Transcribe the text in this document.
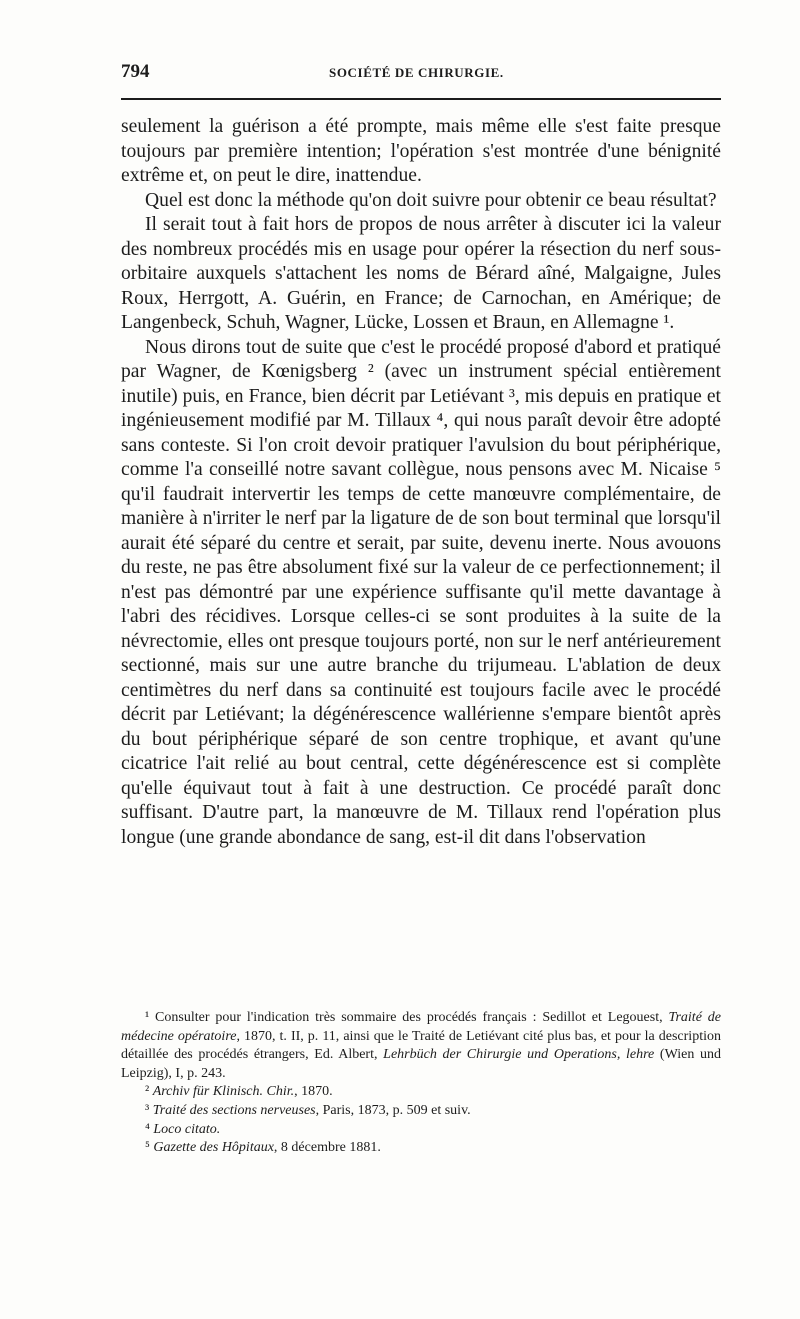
794	SOCIÉTÉ DE CHIRURGIE.

seulement la guérison a été prompte, mais même elle s'est faite presque toujours par première intention; l'opération s'est montrée d'une bénignité extrême et, on peut le dire, inattendue.

Quel est donc la méthode qu'on doit suivre pour obtenir ce beau résultat?

Il serait tout à fait hors de propos de nous arrêter à discuter ici la valeur des nombreux procédés mis en usage pour opérer la résection du nerf sous-orbitaire auxquels s'attachent les noms de Bérard aîné, Malgaigne, Jules Roux, Herrgott, A. Guérin, en France; de Carnochan, en Amérique; de Langenbeck, Schuh, Wagner, Lücke, Lossen et Braun, en Allemagne ¹.

Nous dirons tout de suite que c'est le procédé proposé d'abord et pratiqué par Wagner, de Kœnigsberg ² (avec un instrument spécial entièrement inutile) puis, en France, bien décrit par Letiévant ³, mis depuis en pratique et ingénieusement modifié par M. Tillaux ⁴, qui nous paraît devoir être adopté sans conteste. Si l'on croit devoir pratiquer l'avulsion du bout périphérique, comme l'a conseillé notre savant collègue, nous pensons avec M. Nicaise ⁵ qu'il faudrait intervertir les temps de cette manœuvre complémentaire, de manière à n'irriter le nerf par la ligature de de son bout terminal que lorsqu'il aurait été séparé du centre et serait, par suite, devenu inerte. Nous avouons du reste, ne pas être absolument fixé sur la valeur de ce perfectionnement; il n'est pas démontré par une expérience suffisante qu'il mette davantage à l'abri des récidives. Lorsque celles-ci se sont produites à la suite de la névrectomie, elles ont presque toujours porté, non sur le nerf antérieurement sectionné, mais sur une autre branche du trijumeau. L'ablation de deux centimètres du nerf dans sa continuité est toujours facile avec le procédé décrit par Letiévant; la dégénérescence wallérienne s'empare bientôt après du bout périphérique séparé de son centre trophique, et avant qu'une cicatrice l'ait relié au bout central, cette dégénérescence est si complète qu'elle équivaut tout à fait à une destruction. Ce procédé paraît donc suffisant. D'autre part, la manœuvre de M. Tillaux rend l'opération plus longue (une grande abondance de sang, est-il dit dans l'observation

¹ Consulter pour l'indication très sommaire des procédés français : Sedillot et Legouest, Traité de médecine opératoire, 1870, t. II, p. 11, ainsi que le Traité de Letiévant cité plus bas, et pour la description détaillée des procédés étrangers, Ed. Albert, Lehrbüch der Chirurgie und Operations, lehre (Wien und Leipzig), I, p. 243.

² Archiv für Klinisch. Chir., 1870.

³ Traité des sections nerveuses, Paris, 1873, p. 509 et suiv.

⁴ Loco citato.

⁵ Gazette des Hôpitaux, 8 décembre 1881.
